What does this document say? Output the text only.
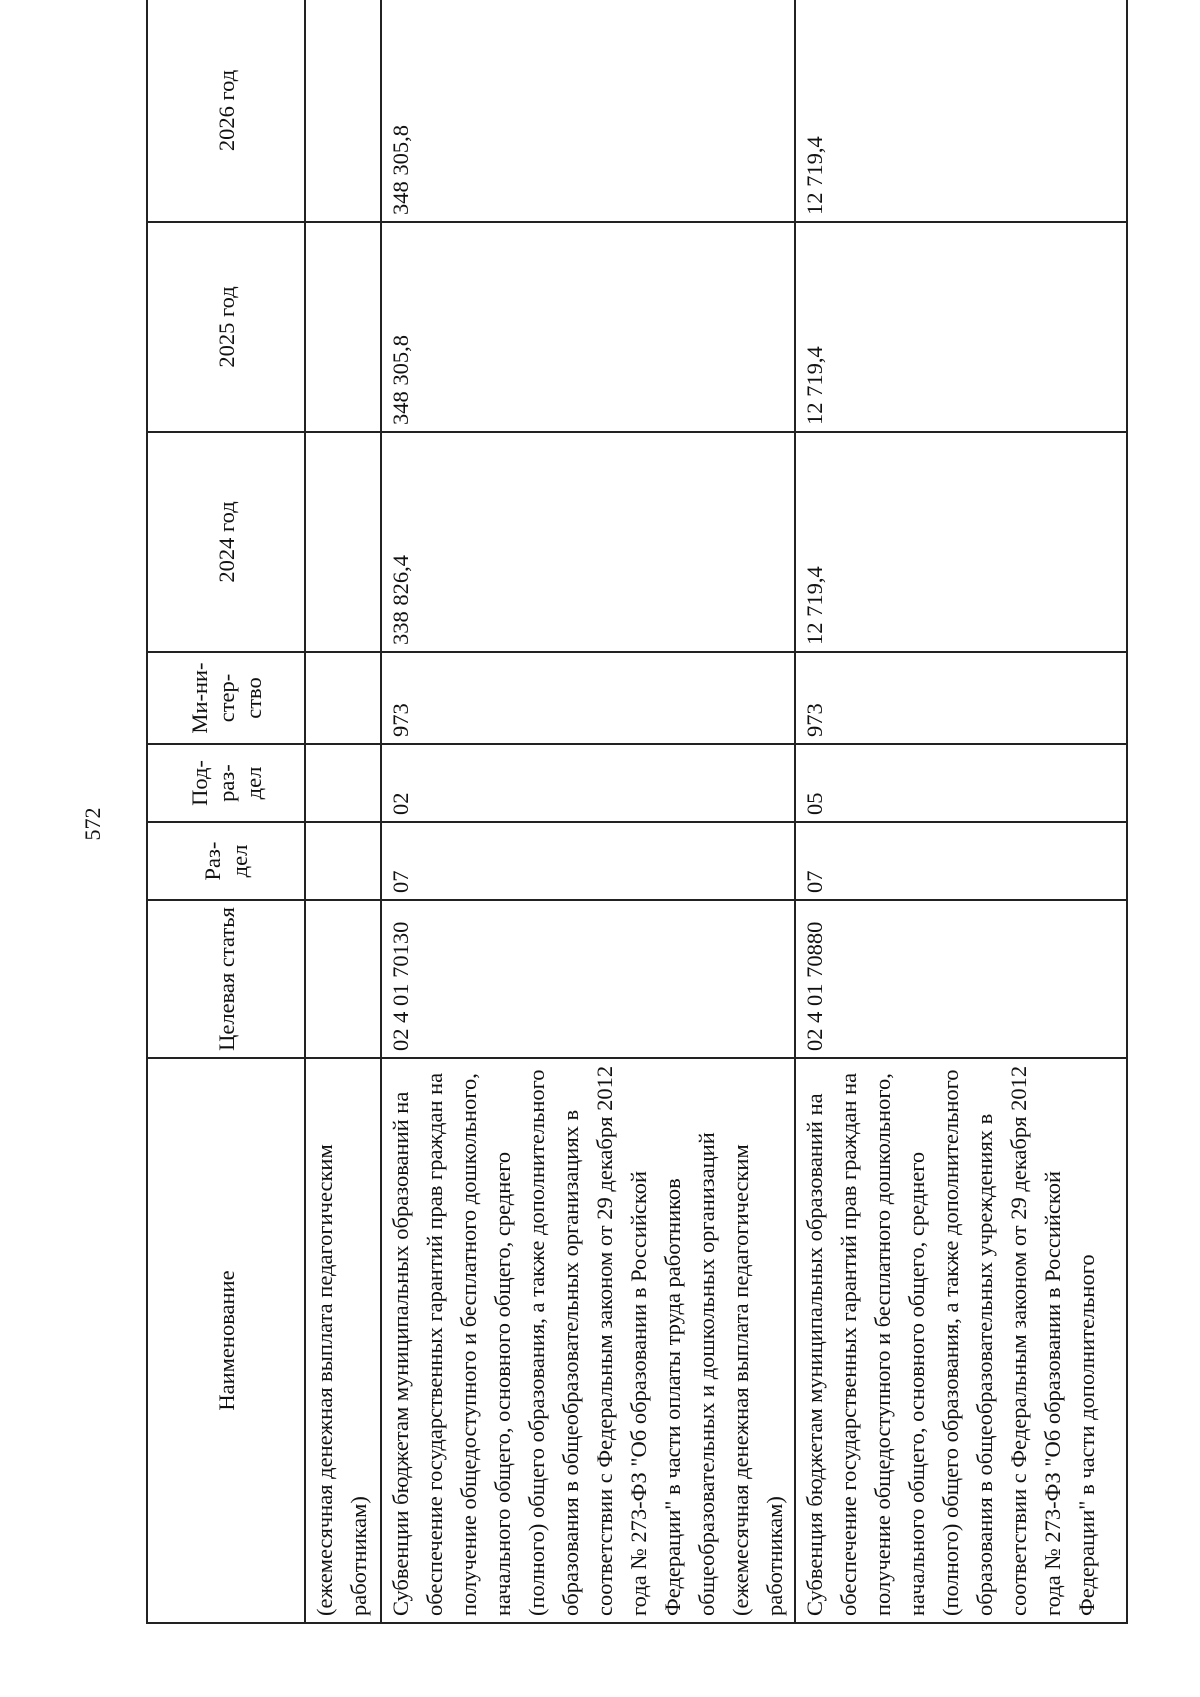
572
Наименование	Целевая статья	Раз-дел	Под-раз-дел	Ми-ни-стер-ство	2024 год	2025 год	2026 год
(ежемесячная денежная выплата педагогическим работникам)							
Субвенции бюджетам муниципальных образований на обеспечение государственных гарантий прав граждан на получение общедоступного и бесплатного дошкольного, начального общего, основного общего, среднего (полного) общего образования, а также дополнительного образования в общеобразовательных организациях в соответствии с Федеральным законом от 29 декабря 2012 года № 273-ФЗ "Об образовании в Российской Федерации" в части оплаты труда работников общеобразовательных и дошкольных организаций (ежемесячная денежная выплата педагогическим работникам)	02 4 01 70130	07	02	973	338 826,4	348 305,8	348 305,8

Субвенция бюджетам муниципальных образований на обеспечение государственных гарантий прав граждан на получение общедоступного и бесплатного дошкольного, начального общего, основного общего, среднего (полного) общего образования, а также дополнительного образования в общеобразовательных учреждениях в соответствии с Федеральным законом от 29 декабря 2012 года № 273-ФЗ "Об образовании в Российской Федерации" в части дополнительного	02 4 01 70880	07	05	973	12 719,4	12 719,4	12 719,4
